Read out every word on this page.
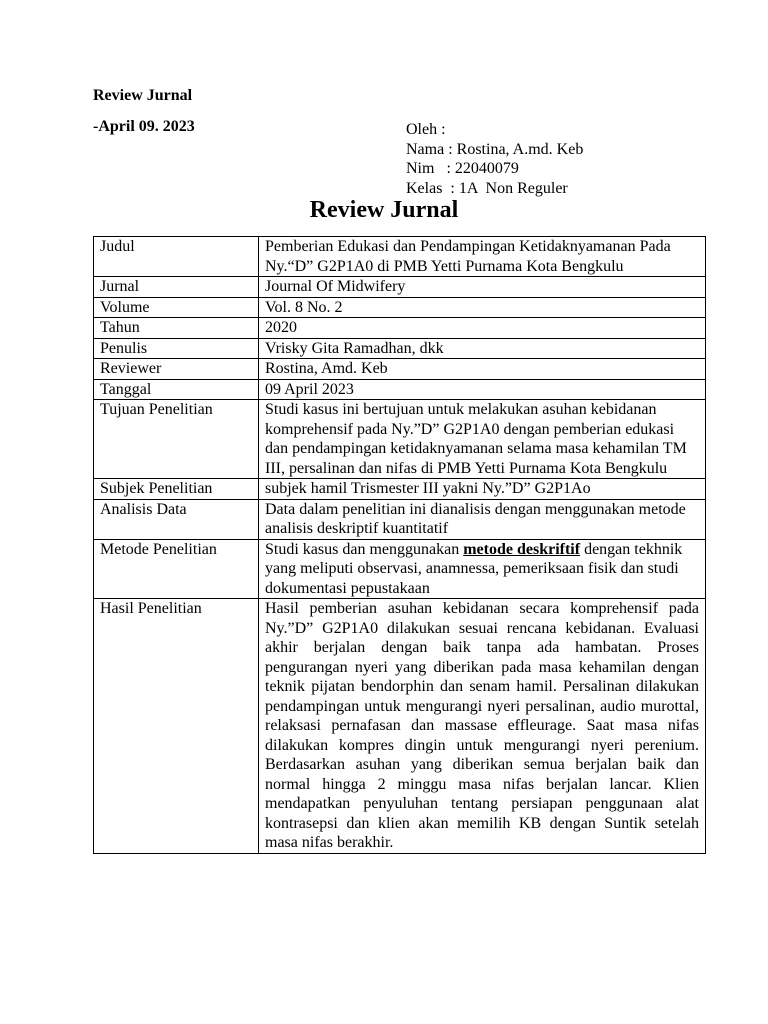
Review Jurnal
-April 09. 2023	Oleh :
Nama : Rostina, A.md. Keb
Nim   : 22040079
Kelas  : 1A  Non Reguler
Review Jurnal
Judul	Pemberian Edukasi dan Pendampingan Ketidaknyamanan Pada Ny.“D” G2P1A0 di PMB Yetti Purnama Kota Bengkulu
Jurnal	Journal Of Midwifery
Volume	Vol. 8 No. 2
Tahun	2020
Penulis	Vrisky Gita Ramadhan, dkk
Reviewer	Rostina, Amd. Keb
Tanggal	09 April 2023
Tujuan Penelitian	Studi kasus ini bertujuan untuk melakukan asuhan kebidanan komprehensif pada Ny.”D” G2P1A0 dengan pemberian edukasi dan pendampingan ketidaknyamanan selama masa kehamilan TM III, persalinan dan nifas di PMB Yetti Purnama Kota Bengkulu
Subjek Penelitian	subjek hamil Trismester III yakni Ny.”D” G2P1Ao
Analisis Data	Data dalam penelitian ini dianalisis dengan menggunakan metode analisis deskriptif kuantitatif
Metode Penelitian	Studi kasus dan menggunakan metode deskriftif dengan tekhnik yang meliputi observasi, anamnessa, pemeriksaan fisik dan studi dokumentasi pepustakaan
Hasil Penelitian	Hasil pemberian asuhan kebidanan secara komprehensif pada Ny.”D” G2P1A0 dilakukan sesuai rencana kebidanan. Evaluasi akhir berjalan dengan baik tanpa ada hambatan. Proses pengurangan nyeri yang diberikan pada masa kehamilan dengan teknik pijatan bendorphin dan senam hamil. Persalinan dilakukan pendampingan untuk mengurangi nyeri persalinan, audio murottal, relaksasi pernafasan dan massase effleurage. Saat masa nifas dilakukan kompres dingin untuk mengurangi nyeri perenium. Berdasarkan asuhan yang diberikan semua berjalan baik dan normal hingga 2 minggu masa nifas berjalan lancar. Klien mendapatkan penyuluhan tentang persiapan penggunaan alat kontrasepsi dan klien akan memilih KB dengan Suntik setelah masa nifas berakhir.
